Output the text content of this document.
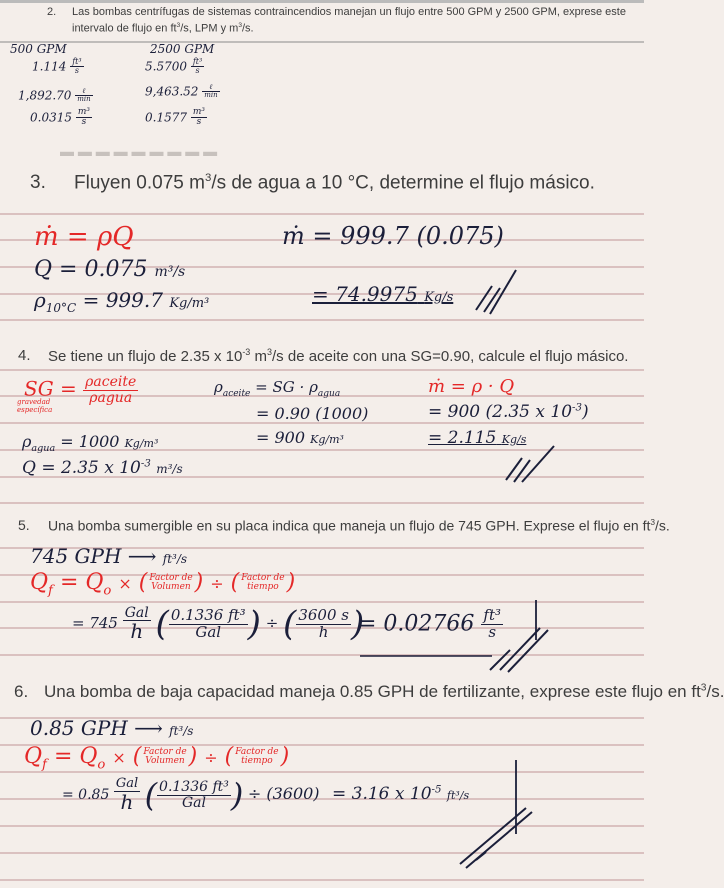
2. Las bombas centrífugas de sistemas contraincendios manejan un flujo entre 500 GPM y 2500 GPM, exprese este
intervalo de flujo en $ft^3/s$, LPM y $m^3/s$.
500 GPM
$1.114 \frac{\text{ft³}}{s}$
$1,892.70 \frac{\text{ℓ}}{\min}$
$0.0315 \frac{\text{m³}}{s}$
2500 GPM
$5.5700 \frac{\text{ft³}}{s}$
$9,463.52 \frac{\text{ℓ}}{\min}$
$0.1577 \frac{\text{m³}}{s}$
3. Fluyen 0.075 $m^3/s$ de agua a 10 °C, determine el flujo másico.
ṁ = ρQ
Q = 0.075 m³/s
$\rho_{10^\circ C} = 999.7$ Kg/m³
ṁ = 999.7 (0.075)
= 74.9975 Kg/s
4. Se tiene un flujo de 2.35 x $10^{-3}$ $m^3/s$ de aceite con una SG=0.90, calcule el flujo másico.
SG = $\frac{\text{ρaceite}}{\text{ρagua}}$
gravedad
específica
$\rho_{agua} = 1000$ Kg/m³
Q = 2.35 x $10^{-3}$ m³/s
$\rho_{aceite}$ = SG · $\rho_{agua}$
= 0.90 (1000)
= 900 Kg/m³
ṁ = ρ · Q
= 900 (2.35 x $10^{-3}$)
= 2.115 Kg/s
5. Una bomba sumergible en su placa indica que maneja un flujo de 745 GPH. Exprese el flujo en $ft^3/s$.
745 GPH ⟶ ft³/s
$Q_f = Q_o$ × ( Factor de
Volumen ) ÷ ( Factor de
tiempo )
= $745 \frac{\text{Gal}}{h}$ ( $\frac{\text{0.1336 ft³}}{\text{Gal}}$ ) ÷ ( $\frac{3600 s}{h}$ )
= $0.02766 \frac{\text{ft³}}{s}$
▬ ▬ ▬ ▬ ▬ ▬ ▬ ▬ ▬
6. Una bomba de baja capacidad maneja 0.85 GPH de fertilizante, exprese este flujo en $ft^3/s$.
0.85 GPH ⟶ ft³/s
$Q_f = Q_o$ × ( Factor de
Volumen ) ÷ ( Factor de
tiempo )
= $0.85 \frac{\text{Gal}}{h}$ ( $\frac{\text{0.1336 ft³}}{\text{Gal}}$ ) ÷ (3600) = 3.16 x $10^{-5}$ ft³/s
